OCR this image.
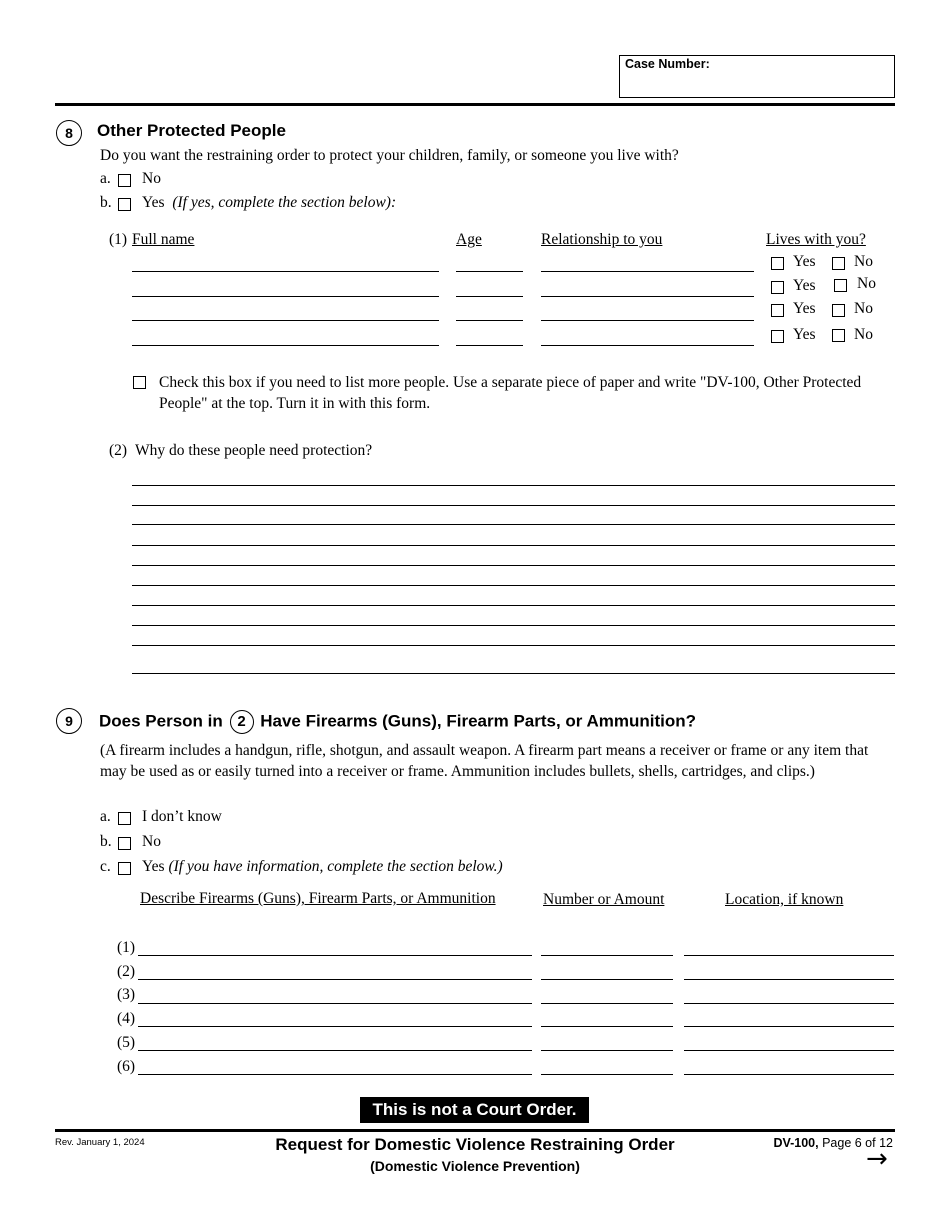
Case Number:
8	Other Protected People
Do you want the restraining order to protect your children, family, or someone you live with?
a. No
b. Yes (If yes, complete the section below):
(1) Full name	Age	Relationship to you	Lives with you?
Yes No
Yes	No
Yes No
Yes No
Check this box if you need to list more people. Use a separate piece of paper and write "DV-100, Other Protected People" at the top. Turn it in with this form.
(2) Why do these people need protection?
9	Does Person in 2 Have Firearms (Guns), Firearm Parts, or Ammunition?
(A firearm includes a handgun, rifle, shotgun, and assault weapon. A firearm part means a receiver or frame or any item that may be used as or easily turned into a receiver or frame. Ammunition includes bullets, shells, cartridges, and clips.)
a. I don’t know
b. No
c. Yes (If you have information, complete the section below.)
Describe Firearms (Guns), Firearm Parts, or Ammunition	Number or Amount	Location, if known
(1)
(2)
(3)
(4)
(5)
(6)
This is not a Court Order.
Rev. January 1, 2024	Request for Domestic Violence Restraining Order
(Domestic Violence Prevention)
DV-100, Page 6 of 12
→
